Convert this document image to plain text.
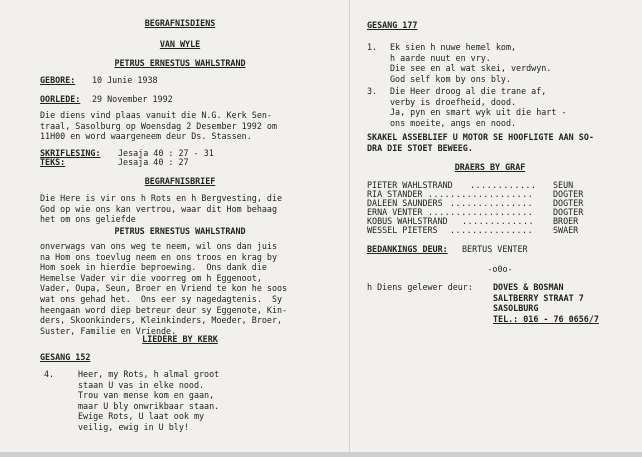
BEGRAFNISDIENS
VAN WYLE
PETRUS ERNESTUS WAHLSTRAND
GEBORE: 10 Junie 1938
OORLEDE: 29 November 1992
Die diens vind plaas vanuit die N.G. Kerk Sen-
traal, Sasolburg op Woensdag 2 Desember 1992 om
11H00 en word waargeneem deur Ds. Stassen.
SKRIFLESING: Jesaja 40 : 27 - 31
TEKS:	Jesaja 40 : 27
BEGRAFNISBRIEF
Die Here is vir ons h Rots en h Bergvesting, die
God op wie ons kan vertrou, waar dit Hom behaag
het om ons geliefde
PETRUS ERNESTUS WAHLSTRAND
onverwags van ons weg te neem, wil ons dan juis
na Hom ons toevlug neem en ons troos en krag by
Hom soek in hierdie beproewing.  Ons dank die
Hemelse Vader vir die voorreg om h Eggenoot,
Vader, Oupa, Seun, Broer en Vriend te kon he soos
wat ons gehad het.  Ons eer sy nagedagtenis.  Sy
heengaan word diep betreur deur sy Eggenote, Kin-
ders, Skoonkinders, Kleinkinders, Moeder, Broer,
Suster, Familie en Vriende.
LIEDERE BY KERK
GESANG 152
4.	Heer, my Rots, h almal groot
staan U vas in elke nood.
Trou van mense kom en gaan,
maar U bly onwrikbaar staan.
Ewige Rots, U laat ook my
veilig, ewig in U bly!
GESANG 177
1. Ek sien h nuwe hemel kom,
h aarde nuut en vry.
Die see en al wat skei, verdwyn.
God self kom by ons bly.
3. Die Heer droog al die trane af,
verby is droefheid, dood.
Ja, pyn en smart wyk uit die hart -
ons moeite, angs en nood.
SKAKEL ASSEBLIEF U MOTOR SE HOOFLIGTE AAN SO-
DRA DIE STOET BEWEEG.
DRAERS BY GRAF
PIETER WAHLSTRAND ............ SEUN
RIA STANDER ................... DOGTER
DALEEN SAUNDERS ............... DOGTER
ERNA VENTER ................... DOGTER
KOBUS WAHLSTRAND ............. BROER
WESSEL PIETERS ............... SWAER
BEDANKINGS DEUR: BERTUS VENTER
-o0o-
h Diens gelewer deur: DOVES & BOSMAN
SALTBERRY STRAAT 7
SASOLBURG
TEL.: 016 - 76 0656/7
